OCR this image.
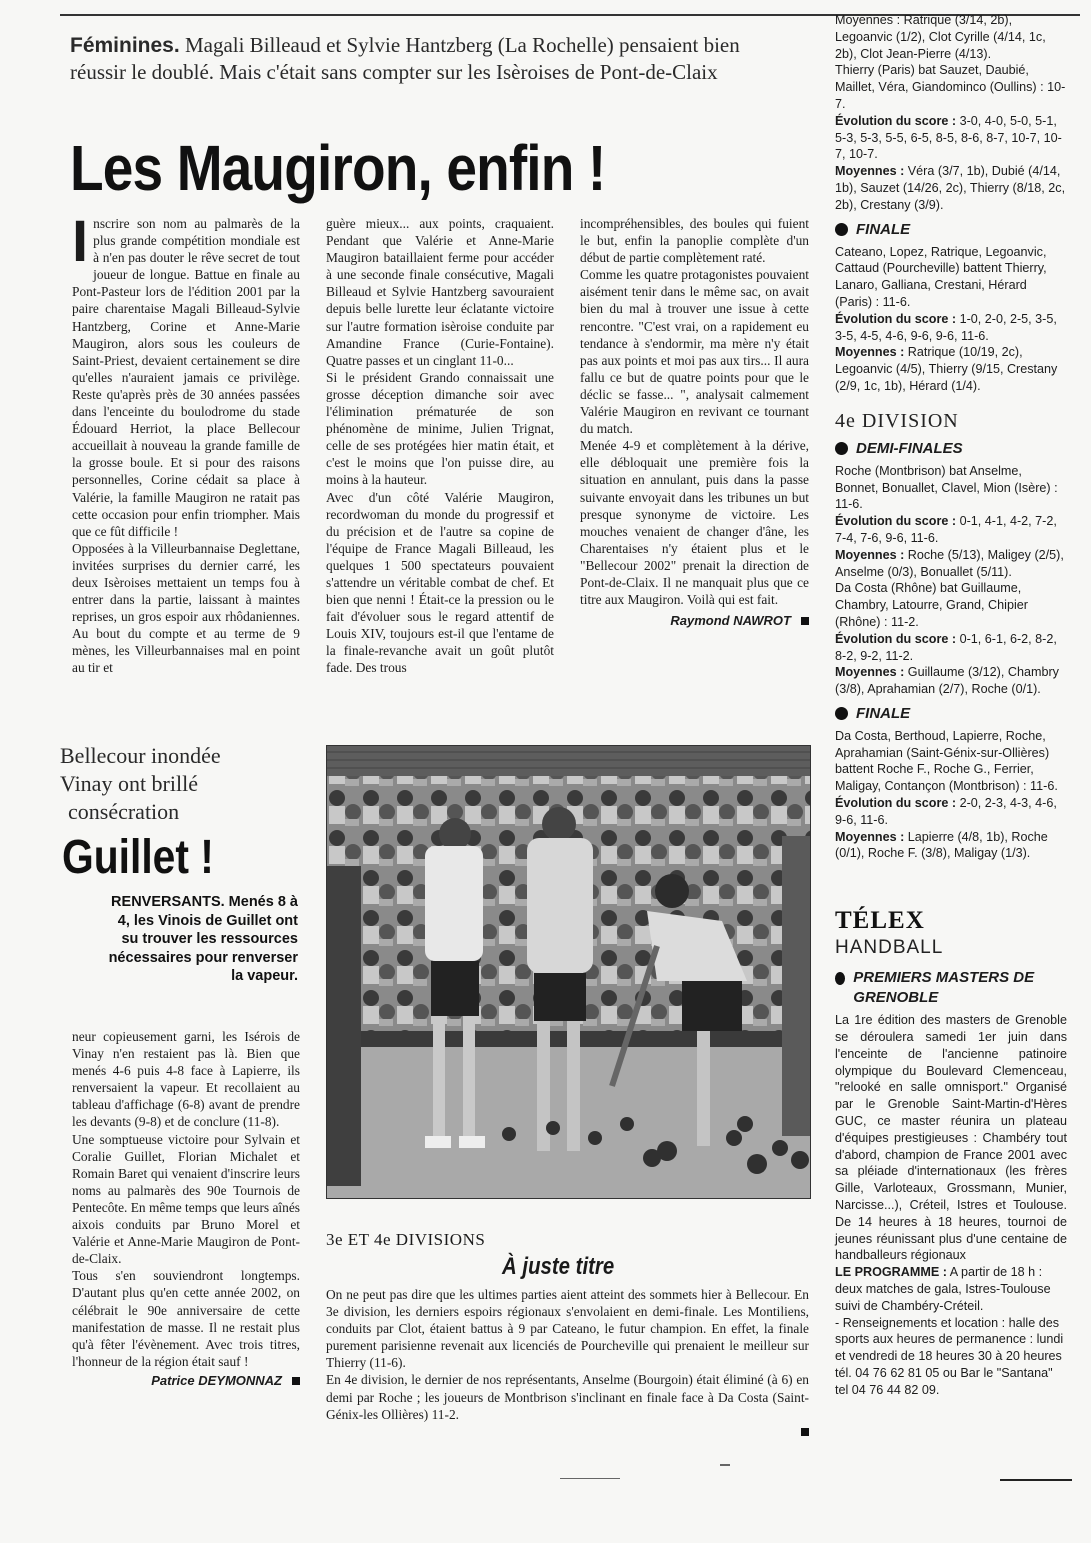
Féminines. Magali Billeaud et Sylvie Hantzberg (La Rochelle) pensaient bien réussir le doublé. Mais c'était sans compter sur les Isèroises de Pont-de-Claix
Les Maugiron, enfin !
I nscrire son nom au palmarès de la plus grande compétition mondiale est à n'en pas douter le rêve secret de tout joueur de longue. Battue en finale au Pont-Pasteur lors de l'édition 2001 par la paire charentaise Magali Billeaud-Sylvie Hantzberg, Corine et Anne-Marie Maugiron, alors sous les couleurs de Saint-Priest, devaient certainement se dire qu'elles n'auraient jamais ce privilège. Reste qu'après près de 30 années passées dans l'enceinte du boulodrome du stade Édouard Herriot, la place Bellecour accueillait à nouveau la grande famille de la grosse boule. Et si pour des raisons personnelles, Corine cédait sa place à Valérie, la famille Maugiron ne ratait pas cette occasion pour enfin triompher. Mais que ce fût difficile !

Opposées à la Villeurbannaise Deglettane, invitées surprises du dernier carré, les deux Isèroises mettaient un temps fou à entrer dans la partie, laissant à maintes reprises, un gros espoir aux rhôdaniennes. Au bout du compte et au terme de 9 mènes, les Villeurbannaises mal en point au tir et

guère mieux... aux points, craquaient. Pendant que Valérie et Anne-Marie Maugiron bataillaient ferme pour accéder à une seconde finale consécutive, Magali Billeaud et Sylvie Hantzberg savouraient depuis belle lurette leur éclatante victoire sur l'autre formation isèroise conduite par Amandine France (Curie-Fontaine). Quatre passes et un cinglant 11-0...

Si le président Grando connaissait une grosse déception dimanche soir avec l'élimination prématurée de son phénomène de minime, Julien Trignat, celle de ses protégées hier matin était, et c'est le moins que l'on puisse dire, au moins à la hauteur.

Avec d'un côté Valérie Maugiron, recordwoman du monde du progressif et du précision et de l'autre sa copine de l'équipe de France Magali Billeaud, les quelques 1 500 spectateurs pouvaient s'attendre un véritable combat de chef. Et bien que nenni ! Était-ce la pression ou le fait d'évoluer sous le regard attentif de Louis XIV, toujours est-il que l'entame de la finale-revanche avait un goût plutôt fade. Des trous

incompréhensibles, des boules qui fuient le but, enfin la panoplie complète d'un début de partie complètement raté.

Comme les quatre protagonistes pouvaient aisément tenir dans le même sac, on avait bien du mal à trouver une issue à cette rencontre. "C'est vrai, on a rapidement eu tendance à s'endormir, ma mère n'y était pas aux points et moi pas aux tirs... Il aura fallu ce but de quatre points pour que le déclic se fasse... ", analysait calmement Valérie Maugiron en revivant ce tournant du match.

Menée 4-9 et complètement à la dérive, elle débloquait une première fois la situation en annulant, puis dans la passe suivante envoyait dans les tribunes un but presque synonyme de victoire. Les mouches venaient de changer d'âne, les Charentaises n'y étaient plus et le "Bellecour 2002" prenait la direction de Pont-de-Claix. Il ne manquait plus que ce titre aux Maugiron. Voilà qui est fait.

Raymond NAWROT
Bellecour inondée
Vinay ont brillé
consécration
Guillet !
RENVERSANTS. Menés 8 à 4, les Vinois de Guillet ont su trouver les ressources nécessaires pour renverser la vapeur.

neur copieusement garni, les Isérois de Vinay n'en restaient pas là. Bien que menés 4-6 puis 4-8 face à Lapierre, ils renversaient la vapeur. Et recollaient au tableau d'affichage (6-8) avant de prendre les devants (9-8) et de conclure (11-8).

Une somptueuse victoire pour Sylvain et Coralie Guillet, Florian Michalet et Romain Baret qui venaient d'inscrire leurs noms au palmarès des 90e Tournois de Pentecôte. En même temps que leurs aînés aixois conduits par Bruno Morel et Valérie et Anne-Marie Maugiron de Pont-de-Claix.

Tous s'en souviendront longtemps. D'autant plus qu'en cette année 2002, on célébrait le 90e anniversaire de cette manifestation de masse. Il ne restait plus qu'à fêter l'évènement. Avec trois titres, l'honneur de la région était sauf !

Patrice DEYMONNAZ
3e ET 4e DIVISIONS
À juste titre

On ne peut pas dire que les ultimes parties aient atteint des sommets hier à Bellecour. En 3e division, les derniers espoirs régionaux s'envolaient en demi-finale. Les Montiliens, conduits par Clot, étaient battus à 9 par Cateano, le futur champion. En effet, la finale purement parisienne revenait aux licenciés de Pourcheville qui prenaient le meilleur sur Thierry (11-6).

En 4e division, le dernier de nos représentants, Anselme (Bourgoin) était éliminé (à 6) en demi par Roche ; les joueurs de Montbrison s'inclinant en finale face à Da Costa (Saint-Génix-les Ollières) 11-2.

Moyennes : Ratrique (3/14, 2b), Legoanvic (1/2), Clot Cyrille (4/14, 1c, 2b), Clot Jean-Pierre (4/13).

Thierry (Paris) bat Sauzet, Daubié, Maillet, Véra, Giandominco (Oullins) : 10-7.

Évolution du score : 3-0, 4-0, 5-0, 5-1, 5-3, 5-3, 5-5, 6-5, 8-5, 8-6, 8-7, 10-7, 10-7, 10-7.

Moyennes : Véra (3/7, 1b), Dubié (4/14, 1b), Sauzet (14/26, 2c), Thierry (8/18, 2c, 2b), Crestany (3/9).

FINALE

Cateano, Lopez, Ratrique, Legoanvic, Cattaud (Pourcheville) battent Thierry, Lanaro, Galliana, Crestani, Hérard (Paris) : 11-6.

Évolution du score : 1-0, 2-0, 2-5, 3-5, 3-5, 4-5, 4-6, 9-6, 9-6, 11-6.

Moyennes : Ratrique (10/19, 2c), Legoanvic (4/5), Thierry (9/15, Crestany (2/9, 1c, 1b), Hérard (1/4).

4e DIVISION
DEMI-FINALES

Roche (Montbrison) bat Anselme, Bonnet, Bonuallet, Clavel, Mion (Isère) : 11-6.

Évolution du score : 0-1, 4-1, 4-2, 7-2, 7-4, 7-6, 9-6, 11-6.

Moyennes : Roche (5/13), Maligey (2/5), Anselme (0/3), Bonuallet (5/11).

Da Costa (Rhône) bat Guillaume, Chambry, Latourre, Grand, Chipier (Rhône) : 11-2.

Évolution du score : 0-1, 6-1, 6-2, 8-2, 8-2, 9-2, 11-2.

Moyennes : Guillaume (3/12), Chambry (3/8), Aprahamian (2/7), Roche (0/1).

FINALE

Da Costa, Berthoud, Lapierre, Roche, Aprahamian (Saint-Génix-sur-Ollières) battent Roche F., Roche G., Ferrier, Maligay, Contançon (Montbrison) : 11-6.

Évolution du score : 2-0, 2-3, 4-3, 4-6, 9-6, 11-6.

Moyennes : Lapierre (4/8, 1b), Roche (0/1), Roche F. (3/8), Maligay (1/3).

TÉLEX
HANDBALL
PREMIERS MASTERS DE GRENOBLE

La 1re édition des masters de Grenoble se déroulera samedi 1er juin dans l'enceinte de l'ancienne patinoire olympique du Boulevard Clemenceau, "relooké en salle omnisport." Organisé par le Grenoble Saint-Martin-d'Hères GUC, ce master réunira un plateau d'équipes prestigieuses : Chambéry tout d'abord, champion de France 2001 avec sa pléiade d'internationaux (les frères Gille, Varloteaux, Grossmann, Munier, Narcisse...), Créteil, Istres et Toulouse. De 14 heures à 18 heures, tournoi de jeunes réunissant plus d'une centaine de handballeurs régionaux

LE PROGRAMME : A partir de 18 h : deux matches de gala, Istres-Toulouse suivi de Chambéry-Créteil.

- Renseignements et location : halle des sports aux heures de permanence : lundi et vendredi de 18 heures 30 à 20 heures tél. 04 76 62 81 05 ou Bar le "Santana" tel 04 76 44 82 09.
